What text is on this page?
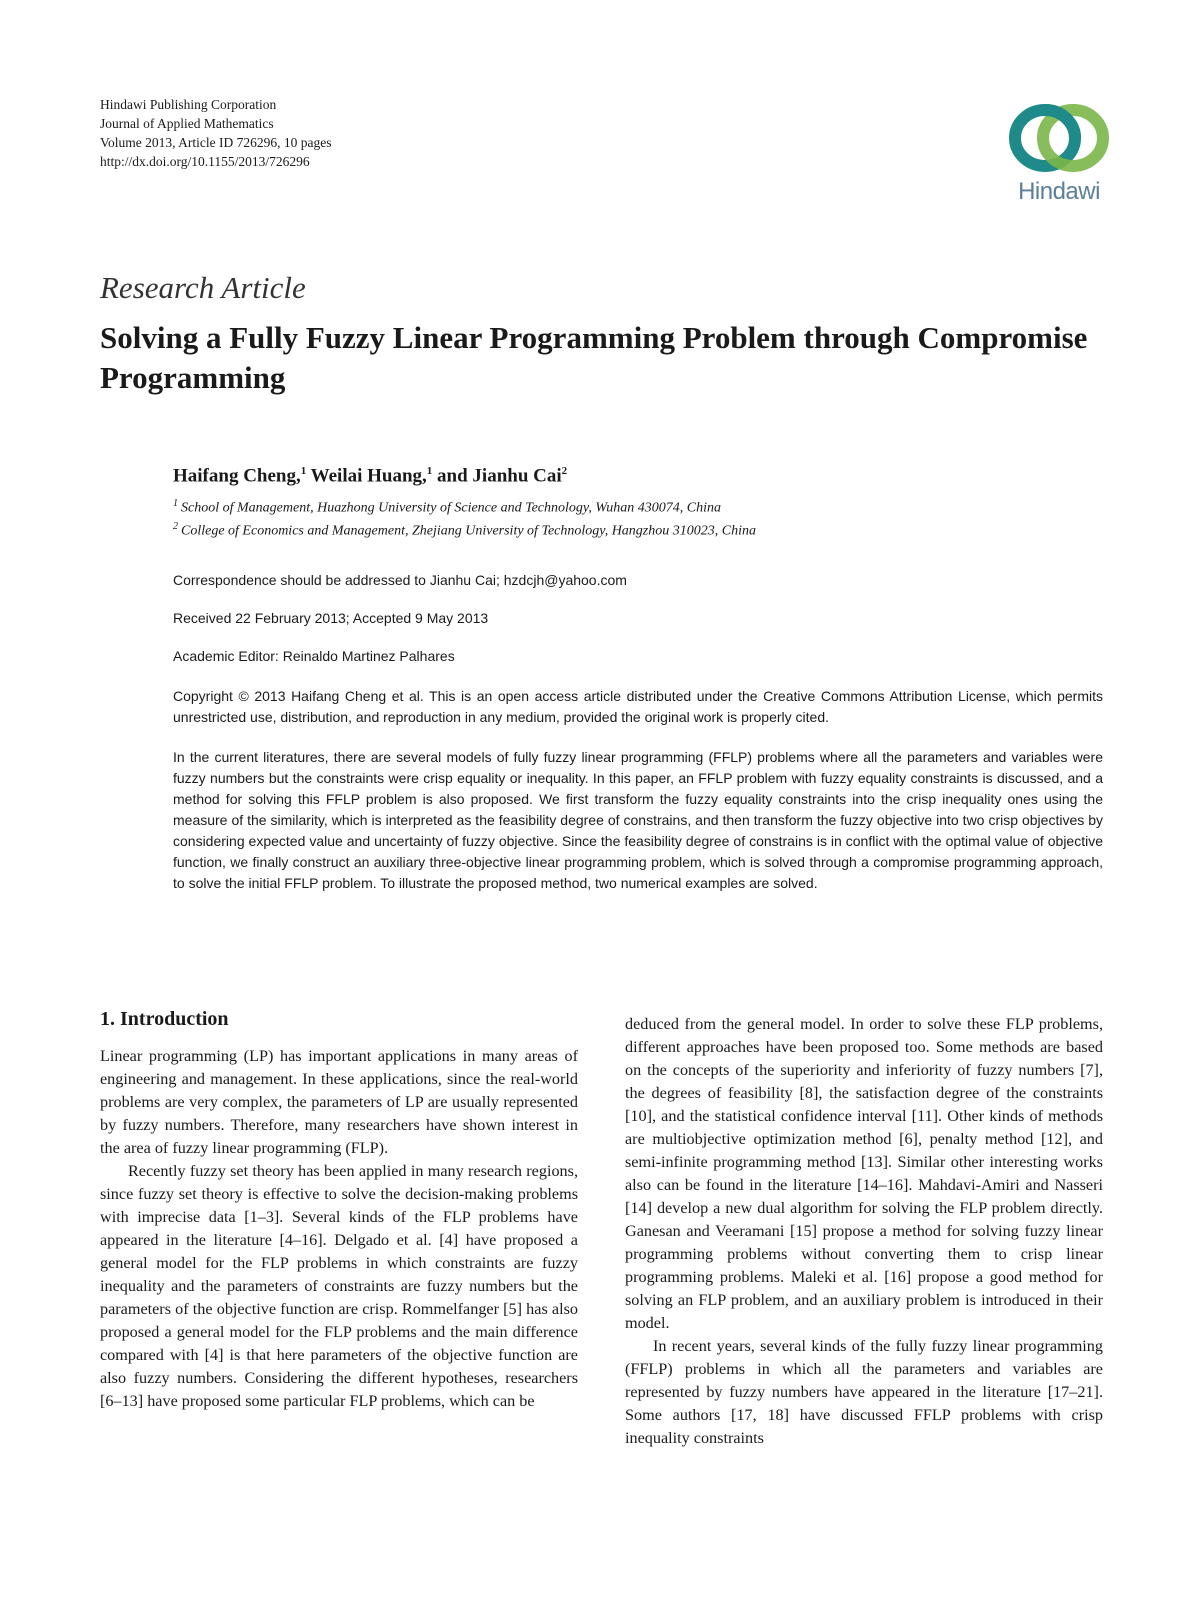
Hindawi Publishing Corporation
Journal of Applied Mathematics
Volume 2013, Article ID 726296, 10 pages
http://dx.doi.org/10.1155/2013/726296
Hindawi
Research Article
Solving a Fully Fuzzy Linear Programming Problem through Compromise Programming
Haifang Cheng,$^1$ Weilai Huang,$^1$ and Jianhu Cai$^2$
$^1$ School of Management, Huazhong University of Science and Technology, Wuhan 430074, China
$^2$ College of Economics and Management, Zhejiang University of Technology, Hangzhou 310023, China
Correspondence should be addressed to Jianhu Cai; hzdcjh@yahoo.com
Received 22 February 2013; Accepted 9 May 2013
Academic Editor: Reinaldo Martinez Palhares

Copyright © 2013 Haifang Cheng et al. This is an open access article distributed under the Creative Commons Attribution License, which permits unrestricted use, distribution, and reproduction in any medium, provided the original work is properly cited.

In the current literatures, there are several models of fully fuzzy linear programming (FFLP) problems where all the parameters and variables were fuzzy numbers but the constraints were crisp equality or inequality. In this paper, an FFLP problem with fuzzy equality constraints is discussed, and a method for solving this FFLP problem is also proposed. We first transform the fuzzy equality constraints into the crisp inequality ones using the measure of the similarity, which is interpreted as the feasibility degree of constrains, and then transform the fuzzy objective into two crisp objectives by considering expected value and uncertainty of fuzzy objective. Since the feasibility degree of constrains is in conflict with the optimal value of objective function, we finally construct an auxiliary three-objective linear programming problem, which is solved through a compromise programming approach, to solve the initial FFLP problem. To illustrate the proposed method, two numerical examples are solved.

1. Introduction

Linear programming (LP) has important applications in many areas of engineering and management. In these applications, since the real-world problems are very complex, the parameters of LP are usually represented by fuzzy numbers. Therefore, many researchers have shown interest in the area of fuzzy linear programming (FLP).

Recently fuzzy set theory has been applied in many research regions, since fuzzy set theory is effective to solve the decision-making problems with imprecise data [1–3]. Several kinds of the FLP problems have appeared in the literature [4–16]. Delgado et al. [4] have proposed a general model for the FLP problems in which constraints are fuzzy inequality and the parameters of constraints are fuzzy numbers but the parameters of the objective function are crisp. Rommelfanger [5] has also proposed a general model for the FLP problems and the main difference compared with [4] is that here parameters of the objective function are also fuzzy numbers. Considering the different hypotheses, researchers [6–13] have proposed some particular FLP problems, which can be

deduced from the general model. In order to solve these FLP problems, different approaches have been proposed too. Some methods are based on the concepts of the superiority and inferiority of fuzzy numbers [7], the degrees of feasibility [8], the satisfaction degree of the constraints [10], and the statistical confidence interval [11]. Other kinds of methods are multiobjective optimization method [6], penalty method [12], and semi-infinite programming method [13]. Similar other interesting works also can be found in the literature [14–16]. Mahdavi-Amiri and Nasseri [14] develop a new dual algorithm for solving the FLP problem directly. Ganesan and Veeramani [15] propose a method for solving fuzzy linear programming problems without converting them to crisp linear programming problems. Maleki et al. [16] propose a good method for solving an FLP problem, and an auxiliary problem is introduced in their model.

In recent years, several kinds of the fully fuzzy linear programming (FFLP) problems in which all the parameters and variables are represented by fuzzy numbers have appeared in the literature [17–21]. Some authors [17, 18] have discussed FFLP problems with crisp inequality constraints
